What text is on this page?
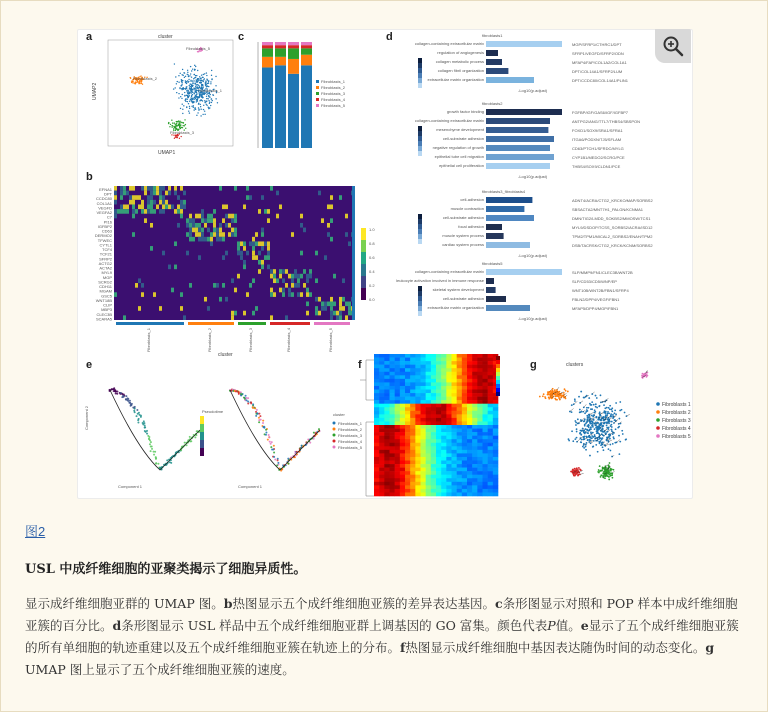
a	cluster
UMAP1
UMAP2
Fibroblasts_5
Fibroblasts_2
Fibroblasts_1
Fibroblasts_3
c
Fibroblasts_1
Fibroblasts_2
Fibroblasts_3
Fibroblasts_4
Fibroblasts_5
b
EFNA1
DPT
CCDC80
COL1A1
VEGFD
VEGFA2
C7
PI16
IGFBP2
CD63
DERMO2
TFWEC
CYTL1
TCF4
TCF21
SFRP2
ACTG2
ACTA2
MYL9
MGP
SCRG2
CDH11
MGAM
GSC5
WNT18B
CLIP
MBP3
CLEC3B
SCARA5
1.0
0.8
0.6
0.4
0.2
0.0
Fibroblasts_1	Fibroblasts_2	Fibroblasts_3	Fibroblasts_4	Fibroblasts_5
cluster
d	fibroblasts1
collagen-containing extracellular matrix	MGP/SFRP1/CTHRC1/DPT
regulation of angiogenesis	SFRP1/VEGFD/SFRP2/ODN
collagen metabolic process	MFAP4/FAP/COL1A2/COL1A1
collagen fibril organization	DPT/COL14A1/SFRP2/LUM
extracellular matrix organization	DPT/CCDC80/COL14A1/PLIN1
-Log10(p.adjust)
fibroblasts2
growth factor binding	FGFBP/IGF/GAS6/IGF/IGFBP7
collagen-containing extracellular matrix	ANTPG2/ANG/TTL7/THBS4/SBSPON
mesenchyme development	FOXD1/SOX9/SRA1/SFRA1
cell-substrate adhesion	ITGA6/PODXN/TJ5/SFLAM
negative regulation of growth	CD63/PTCH1/SFRDC/MYLG
epithelial tube cell migration	CYP1B1/MEDO2/SCRG/PCE
epithelial cell proliferation	THBS4/SOX9/CLDN1/PCE
-Log10(p.adjust)
fibroblasts3_fibroblasts4
cell-adhesion	ADNT4/ACRA/CTG2_KRCKO/MAP/SORBS2
muscle contraction	SBSACTA2/MNT7H1_PALGN/KCNMA1
cell-substrate adhesion	DMN/TIG2/LMDD_SOKBS2/MMOSW/TCS1
focal adhesion	MYL9/DSDOP/TCSS_SORBS2/ACRA/ISD12
muscle system process	TPM2/TPM1/MICAL2_SORBS2/ENAH/TPM2
cardiac system process	DSB/TACRSK/CTG2_KRCK/KCNM/SORBS2
-Log10(p.adjust)
fibroblasts5
collagen-containing extracellular matrix	SLP/MMP9/FN1/CLEC3B/WNT2B
leukocyte activation involved in immune response	SLP/CD53/CD5/WNP/EP
skeletal system development	WNT10B/WNT2B/FBN1/SFRP4
cell-substrate adhesion	FBLN2/DPP4/VEGF/FBN1
extracellular matrix organization	MFAP5/DPP4/MGP/FBN1
-Log10(p.adjust)
e
Component 1	Component 1
Component 2	Pseudotime
cluster
Fibroblasts_1
Fibroblasts_2
Fibroblasts_3
Fibroblasts_4
Fibroblasts_5
f	g	clusters
Fibroblasts 1
Fibroblasts 2
Fibroblasts 3
Fibroblasts 4
Fibroblasts 5
图2
USL 中成纤维细胞的亚聚类揭示了细胞异质性。
显示成纤维细胞亚群的 UMAP 图。b热图显示五个成纤维细胞亚簇的差异表达基因。c条形图显示对照和 POP 样本中成纤维细胞亚簇的百分比。d条形图显示 USL 样品中五个成纤维细胞亚群上调基因的 GO 富集。颜色代表P值。e显示了五个成纤维细胞亚簇的所有单细胞的轨迹重建以及五个成纤维细胞亚簇在轨迹上的分布。f热图显示成纤维细胞中基因表达随伪时间的动态变化。g UMAP 图上显示了五个成纤维细胞亚簇的速度。
